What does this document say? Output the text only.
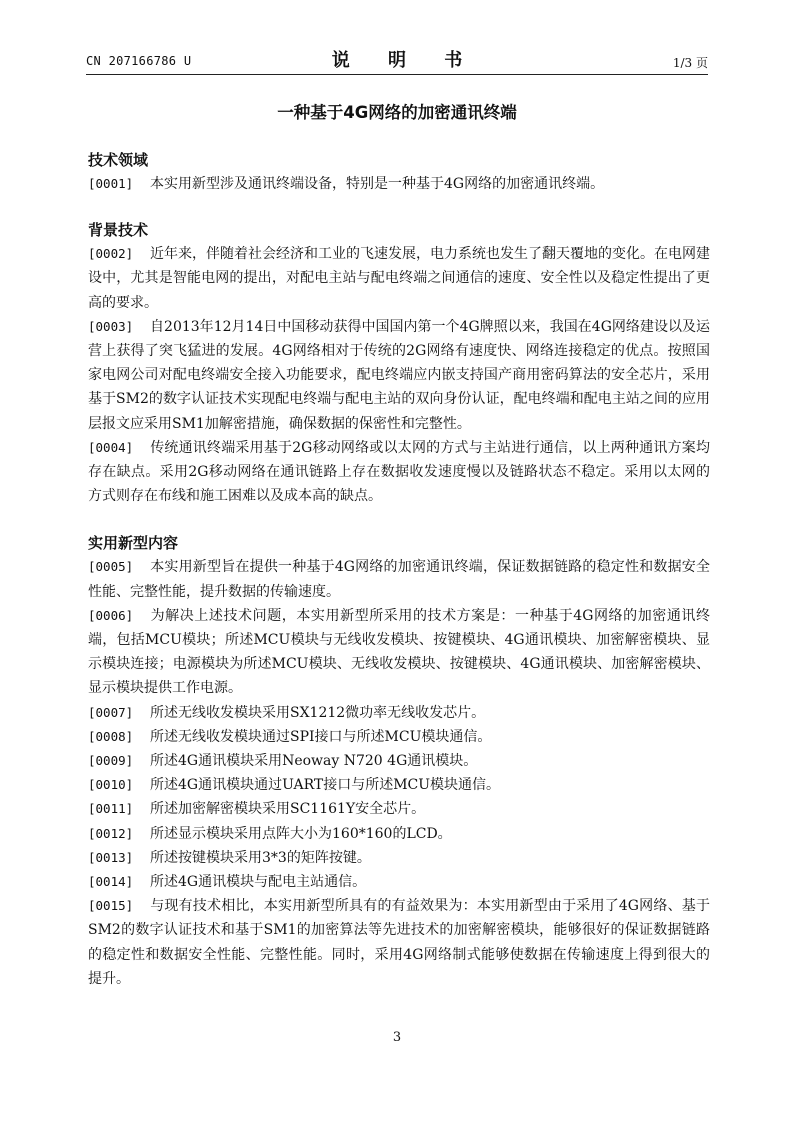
CN 207166786 U	说 明 书	1/3 页
一种基于4G网络的加密通讯终端
技术领域

[0001] 本实用新型涉及通讯终端设备，特别是一种基于4G网络的加密通讯终端。

背景技术

[0002] 近年来，伴随着社会经济和工业的飞速发展，电力系统也发生了翻天覆地的变化。在电网建设中，尤其是智能电网的提出，对配电主站与配电终端之间通信的速度、安全性以及稳定性提出了更高的要求。

[0003] 自2013年12月14日中国移动获得中国国内第一个4G牌照以来，我国在4G网络建设以及运营上获得了突飞猛进的发展。4G网络相对于传统的2G网络有速度快、网络连接稳定的优点。按照国家电网公司对配电终端安全接入功能要求，配电终端应内嵌支持国产商用密码算法的安全芯片，采用基于SM2的数字认证技术实现配电终端与配电主站的双向身份认证，配电终端和配电主站之间的应用层报文应采用SM1加解密措施，确保数据的保密性和完整性。

[0004] 传统通讯终端采用基于2G移动网络或以太网的方式与主站进行通信，以上两种通讯方案均存在缺点。采用2G移动网络在通讯链路上存在数据收发速度慢以及链路状态不稳定。采用以太网的方式则存在布线和施工困难以及成本高的缺点。

实用新型内容

[0005] 本实用新型旨在提供一种基于4G网络的加密通讯终端，保证数据链路的稳定性和数据安全性能、完整性能，提升数据的传输速度。

[0006] 为解决上述技术问题，本实用新型所采用的技术方案是：一种基于4G网络的加密通讯终端，包括MCU模块；所述MCU模块与无线收发模块、按键模块、4G通讯模块、加密解密模块、显示模块连接；电源模块为所述MCU模块、无线收发模块、按键模块、4G通讯模块、加密解密模块、显示模块提供工作电源。

[0007] 所述无线收发模块采用SX1212微功率无线收发芯片。

[0008] 所述无线收发模块通过SPI接口与所述MCU模块通信。

[0009] 所述4G通讯模块采用Neoway N720 4G通讯模块。

[0010] 所述4G通讯模块通过UART接口与所述MCU模块通信。

[0011] 所述加密解密模块采用SC1161Y安全芯片。

[0012] 所述显示模块采用点阵大小为160*160的LCD。

[0013] 所述按键模块采用3*3的矩阵按键。

[0014] 所述4G通讯模块与配电主站通信。

[0015] 与现有技术相比，本实用新型所具有的有益效果为：本实用新型由于采用了4G网络、基于SM2的数字认证技术和基于SM1的加密算法等先进技术的加密解密模块，能够很好的保证数据链路的稳定性和数据安全性能、完整性能。同时，采用4G网络制式能够使数据在传输速度上得到很大的提升。

3
